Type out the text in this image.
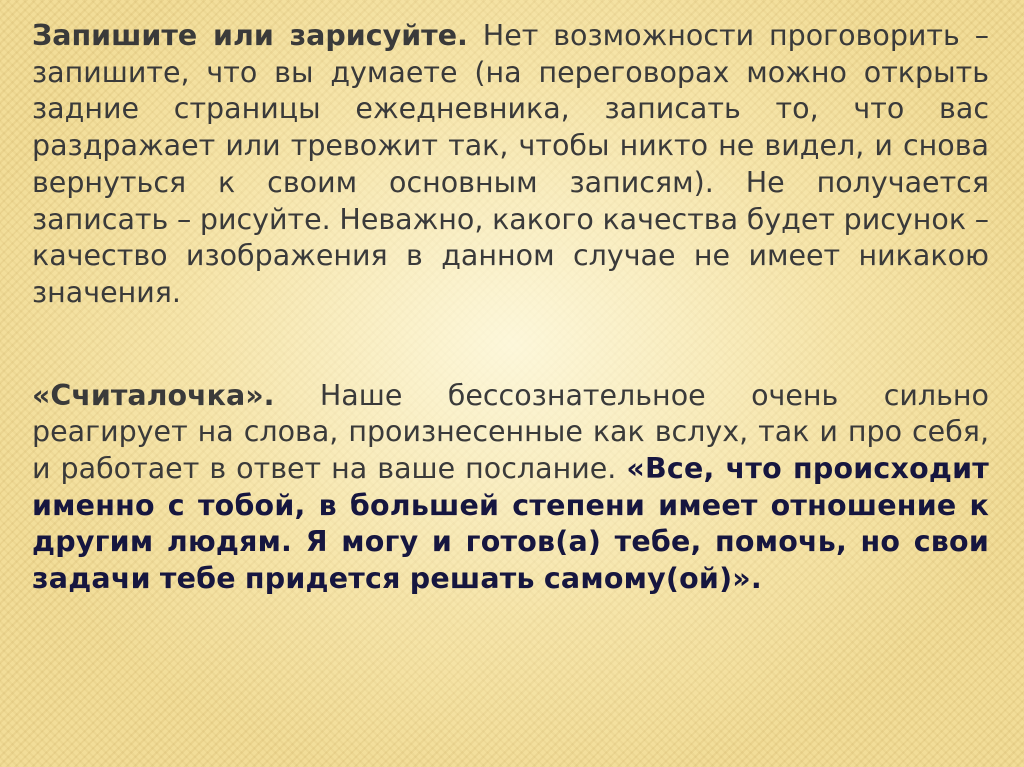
Запишите или зарисуйте. Нет возможности проговорить – запишите, что вы думаете (на переговорах можно открыть задние страницы ежедневника, записать то, что вас раздражает или тревожит так, чтобы никто не видел, и снова вернуться к своим основным записям). Не получается записать – рисуйте. Неважно, какого качества будет рисунок – качество изображения в данном случае не имеет никакою значения.

«Считалочка». Наше бессознательное очень сильно реагирует на слова, произнесенные как вслух, так и про себя, и работает в ответ на ваше послание. «Все, что происходит именно с тобой, в большей степени имеет отношение к другим людям. Я могу и готов(а) тебе, помочь, но свои задачи тебе придется решать самому(ой)».
